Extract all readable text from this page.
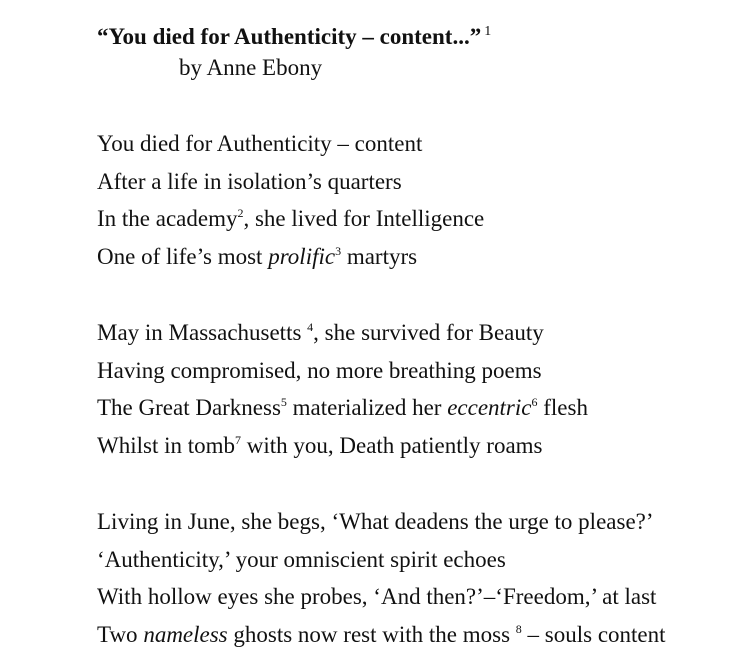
“You died for Authenticity – content...” $^1$
by Anne Ebony
You died for Authenticity – content
After a life in isolation’s quarters
In the academy$^2$, she lived for Intelligence
One of life’s most prolific$^3$ martyrs
May in Massachusetts $^4$, she survived for Beauty
Having compromised, no more breathing poems
The Great Darkness$^5$ materialized her eccentric$^6$ flesh
Whilst in tomb$^7$ with you, Death patiently roams
Living in June, she begs, ‘What deadens the urge to please?’
‘Authenticity,’ your omniscient spirit echoes
With hollow eyes she probes, ‘And then?’–‘Freedom,’ at last
Two nameless ghosts now rest with the moss $^8$ – souls content
